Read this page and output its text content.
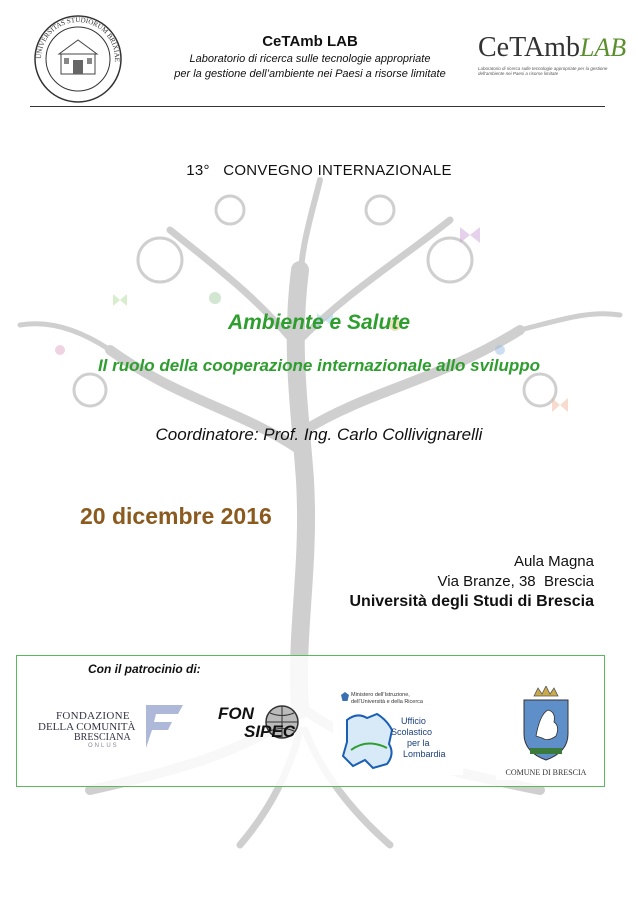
UNIVERSITAS STUDIORUM BRIXIAE
CeTAmb LAB
Laboratorio di ricerca sulle tecnologie appropriate
per la gestione dell’ambiente nei Paesi a risorse limitate
CeTAmbLAB
Laboratorio di ricerca sulle tecnologie appropriate per la gestione dell'ambiente nei Paesi a risorse limitate
13°   CONVEGNO INTERNAZIONALE
Ambiente e Salute
Il ruolo della cooperazione internazionale allo sviluppo
Coordinatore: Prof. Ing. Carlo Collivignarelli
20 dicembre 2016
Aula Magna
Via Branze, 38  Brescia
Università degli Studi di Brescia
Con il patrocinio di:
FONDAZIONE
DELLA COMUNITÀ
BRESCIANA
ONLUS
FON
SIPEC
Ministero dell'Istruzione,
dell'Università e della Ricerca
Ufficio
Scolastico
per la
Lombardia
COMUNE DI BRESCIA
